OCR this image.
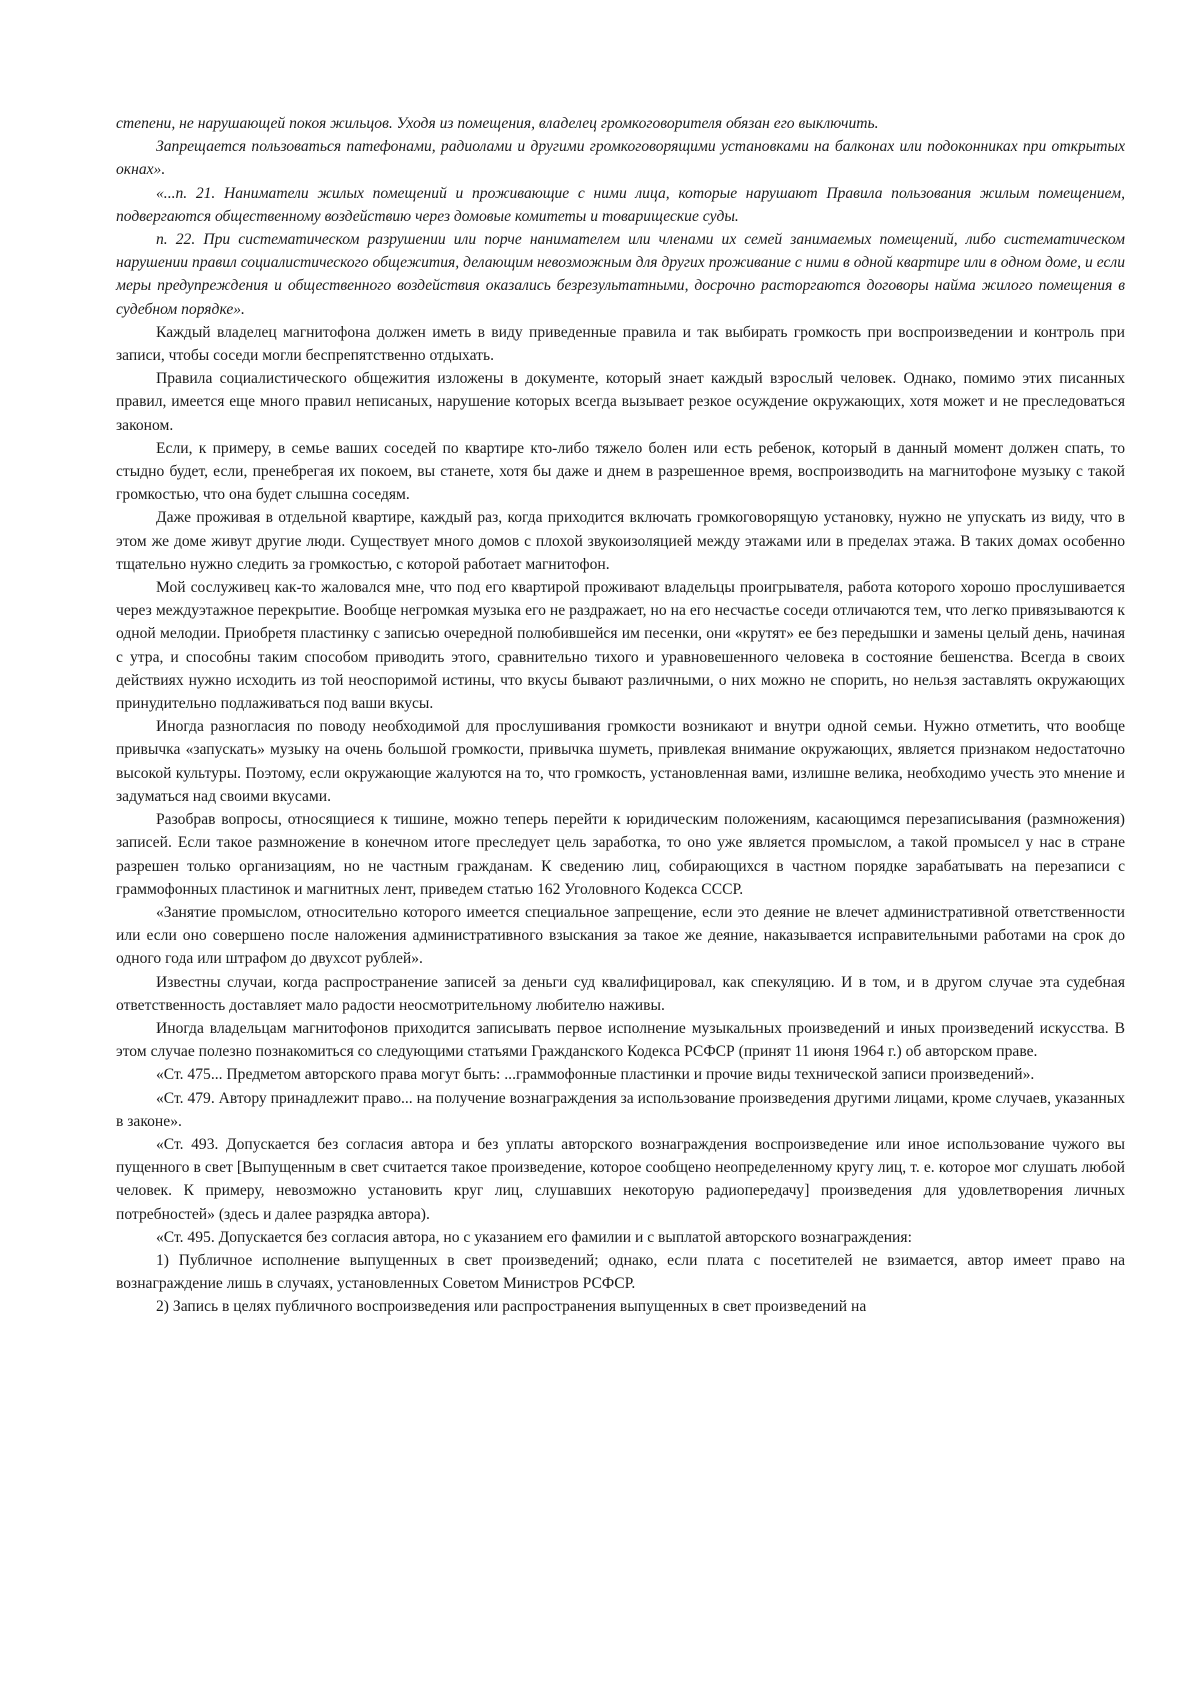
степени, не нарушающей покоя жильцов. Уходя из помещения, владелец громкоговорителя обязан его выключить.

Запрещается пользоваться патефонами, радиолами и другими громкоговорящими установками на балконах или подоконниках при открытых окнах».

«...п. 21. Наниматели жилых помещений и проживающие с ними лица, которые нарушают Правила пользования жилым помещением, подвергаются общественному воздействию через домовые комитеты и товарищеские суды.

п. 22. При систематическом разрушении или порче нанимателем или членами их семей занимаемых помещений, либо систематическом нарушении правил социалистического общежития, делающим невозможным для других проживание с ними в одной квартире или в одном доме, и если меры предупреждения и общественного воздействия оказались безрезультатными, досрочно расторгаются договоры найма жилого помещения в судебном порядке».

Каждый владелец магнитофона должен иметь в виду приведенные правила и так выбирать громкость при воспроизведении и контроль при записи, чтобы соседи могли беспрепятственно отдыхать.

Правила социалистического общежития изложены в документе, который знает каждый взрослый человек. Однако, помимо этих писанных правил, имеется еще много правил неписаных, нарушение которых всегда вызывает резкое осуждение окружающих, хотя может и не преследоваться законом.

Если, к примеру, в семье ваших соседей по квартире кто-либо тяжело болен или есть ребенок, который в данный момент должен спать, то стыдно будет, если, пренебрегая их покоем, вы станете, хотя бы даже и днем в разрешенное время, воспроизводить на магнитофоне музыку с такой громкостью, что она будет слышна соседям.

Даже проживая в отдельной квартире, каждый раз, когда приходится включать громкоговорящую установку, нужно не упускать из виду, что в этом же доме живут другие люди. Существует много домов с плохой звукоизоляцией между этажами или в пределах этажа. В таких домах особенно тщательно нужно следить за громкостью, с которой работает магнитофон.

Мой сослуживец как-то жаловался мне, что под его квартирой проживают владельцы проигрывателя, работа которого хорошо прослушивается через междуэтажное перекрытие. Вообще негромкая музыка его не раздражает, но на его несчастье соседи отличаются тем, что легко привязываются к одной мелодии. Приобретя пластинку с записью очередной полюбившейся им песенки, они «крутят» ее без передышки и замены целый день, начиная с утра, и способны таким способом приводить этого, сравнительно тихого и уравновешенного человека в состояние бешенства. Всегда в своих действиях нужно исходить из той неоспоримой истины, что вкусы бывают различными, о них можно не спорить, но нельзя заставлять окружающих принудительно подлаживаться под ваши вкусы.

Иногда разногласия по поводу необходимой для прослушивания громкости возникают и внутри одной семьи. Нужно отметить, что вообще привычка «запускать» музыку на очень большой громкости, привычка шуметь, привлекая внимание окружающих, является признаком недостаточно высокой культуры. Поэтому, если окружающие жалуются на то, что громкость, установленная вами, излишне велика, необходимо учесть это мнение и задуматься над своими вкусами.

Разобрав вопросы, относящиеся к тишине, можно теперь перейти к юридическим положениям, касающимся перезаписывания (размножения) записей. Если такое размножение в конечном итоге преследует цель заработка, то оно уже является промыслом, а такой промысел у нас в стране разрешен только организациям, но не частным гражданам. К сведению лиц, собирающихся в частном порядке зарабатывать на перезаписи с граммофонных пластинок и магнитных лент, приведем статью 162 Уголовного Кодекса СССР.

«Занятие промыслом, относительно которого имеется специальное запрещение, если это деяние не влечет административной ответственности или если оно совершено после наложения административного взыскания за такое же деяние, наказывается исправительными работами на срок до одного года или штрафом до двухсот рублей».

Известны случаи, когда распространение записей за деньги суд квалифицировал, как спекуляцию. И в том, и в другом случае эта судебная ответственность доставляет мало радости неосмотрительному любителю наживы.

Иногда владельцам магнитофонов приходится записывать первое исполнение музыкальных произведений и иных произведений искусства. В этом случае полезно познакомиться со следующими статьями Гражданского Кодекса РСФСР (принят 11 июня 1964 г.) об авторском праве.

«Ст. 475... Предметом авторского права могут быть: ...граммофонные пластинки и прочие виды технической записи произведений».

«Ст. 479. Автору принадлежит право... на получение вознаграждения за использование произведения другими лицами, кроме случаев, указанных в законе».

«Ст. 493. Допускается без согласия автора и без уплаты авторского вознаграждения воспроизведение или иное использование чужого вы пущенного в свет [Выпущенным в свет считается такое произведение, которое сообщено неопределенному кругу лиц, т. е. которое мог слушать любой человек. К примеру, невозможно установить круг лиц, слушавших некоторую радиопередачу] произведения для удовлетворения личных потребностей» (здесь и далее разрядка автора).

«Ст. 495. Допускается без согласия автора, но с указанием его фамилии и с выплатой авторского вознаграждения:

1) Публичное исполнение выпущенных в свет произведений; однако, если плата с посетителей не взимается, автор имеет право на вознаграждение лишь в случаях, установленных Советом Министров РСФСР.

2) Запись в целях публичного воспроизведения или распространения выпущенных в свет произведений на
